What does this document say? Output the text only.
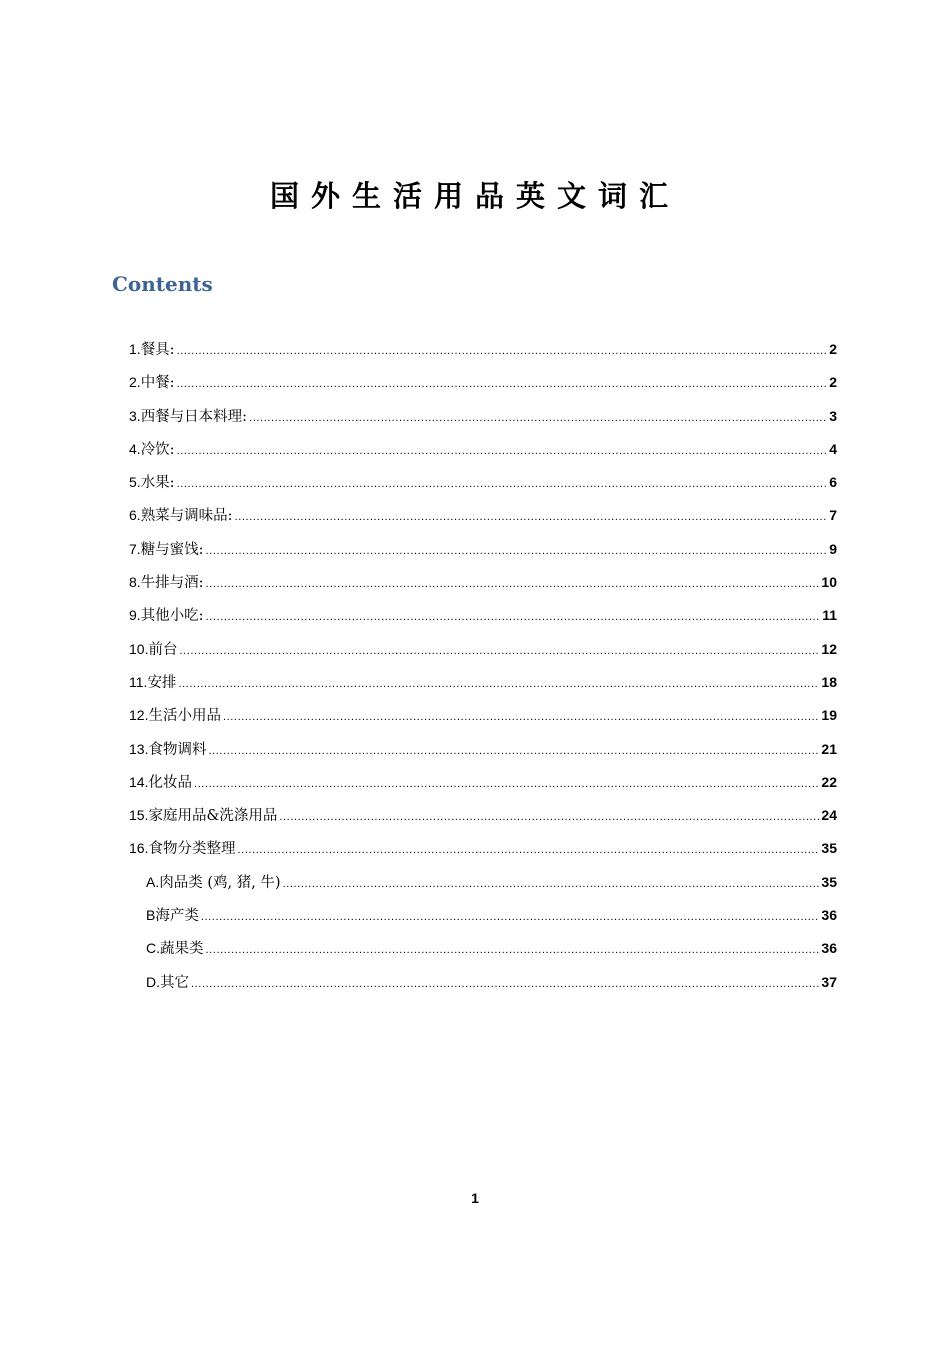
国外生活用品英文词汇
Contents
1. 餐具: .....	2
2. 中餐: .....	2
3. 西餐与日本料理: .....	3
4. 冷饮: .....	4
5. 水果: .....	6
6. 熟菜与调味品: .....	7
7. 糖与蜜饯: .....	9
8. 牛排与酒: .....	10
9. 其他小吃: .....	11
10. 前台 .....	12
11. 安排 .....	18
12. 生活小用品 .....	19
13. 食物调料 .....	21
14. 化妆品 .....	22
15. 家庭用品&洗涤用品 .....	24
16. 食物分类整理 .....	35
A. 肉品类 (鸡, 猪, 牛) .....	35
B 海产类 .....	36
C. 蔬果类 .....	36
D. 其它 .....	37
1
